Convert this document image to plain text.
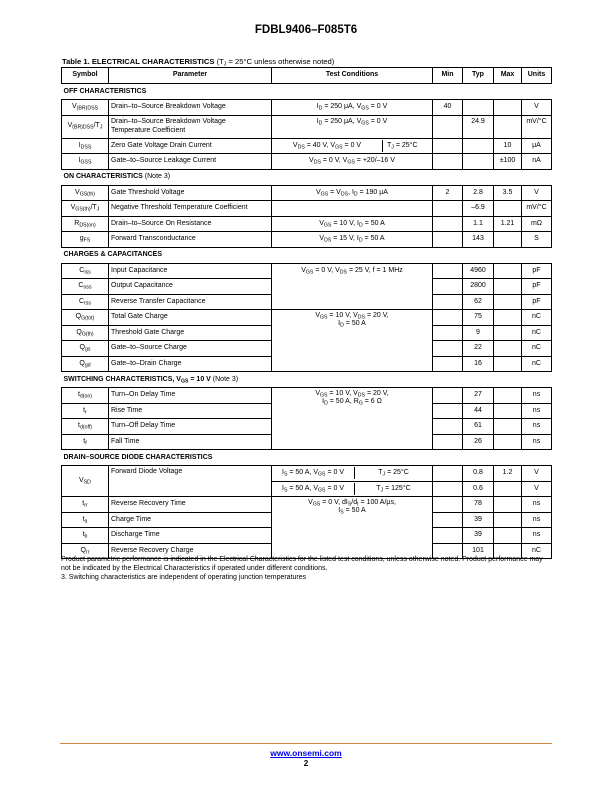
FDBL9406–F085T6
Table 1. ELECTRICAL CHARACTERISTICS ($T_J = 25^\circ C$ unless otherwise noted)
Symbol	Parameter	Test Conditions	Min	Typ	Max	Units
OFF CHARACTERISTICS						
$V_{(BR)DSS}$	Drain–to–Source Breakdown Voltage	$I_D = 250$ μA, $V_{GS} = 0$ V	40			V
$V_{(BR)DSS}/T_J$	Drain–to–Source Breakdown Voltage
Temperature Coefficient	$I_D = 250$ μA, $V_{GS} = 0$ V		24.9		mV/°C
$I_{DSS}$	Zero Gate Voltage Drain Current	$V_{DS} = 40$ V, $V_{GS} = 0$ V $T_J = 25^\circ C$			10	μA
$I_{GSS}$	Gate–to–Source Leakage Current	$V_{DS} = 0$ V, $V_{GS} = +20/-16$ V			±100	nA
ON CHARACTERISTICS (Note 3)						
$V_{GS(th)}$	Gate Threshold Voltage	$V_{GS} = V_{DS}$, $I_D = 190$ μA	2	2.8	3.5	V
$V_{GS(th)}/T_J$	Negative Threshold Temperature Coefficient			–6.9		mV/°C
$R_{DS(on)}$	Drain–to–Source On Resistance	$V_{GS} = 10$ V, $I_D = 50$ A		1.1	1.21	mΩ
$g_{FS}$	Forward Transconductance	$V_{DS} = 15$ V, $I_D = 50$ A		143		S
CHARGES & CAPACITANCES						
$C_{iss}$	Input Capacitance	$V_{GS} = 0$ V, $V_{DS} = 25$ V, f = 1 MHz		4960		pF
$C_{oss}$	Output Capacitance			2800		pF
$C_{rss}$	Reverse Transfer Capacitance			62		pF
$Q_{G(tot)}$	Total Gate Charge	$V_{GS} = 10$ V, $V_{DS} = 20$ V,
$I_D = 50$ A		75		nC
$Q_{G(th)}$	Threshold Gate Charge			9		nC
$Q_{gs}$	Gate–to–Source Charge			22		nC
$Q_{gd}$	Gate–to–Drain Charge			16		nC
SWITCHING CHARACTERISTICS, $V_{GS} = 10$ V (Note 3)						
$t_{d(on)}$	Turn–On Delay Time	$V_{GS} = 10$ V, $V_{DS} = 20$ V,
$I_D = 50$ A, $R_G = 6$ Ω		27		ns
$t_r$	Rise Time			44		ns
$t_{d(off)}$	Turn–Off Delay Time			61		ns
$t_f$	Fall Time			26		ns
DRAIN–SOURCE DIODE CHARACTERISTICS						
$V_{SD}$	Forward Diode Voltage	$I_S = 50$ A, $V_{GS} = 0$ V $T_J = 25^\circ C$		0.8	1.2	V

		$I_S = 50$ A, $V_{GS} = 0$ V $T_J = 125^\circ C$		0.6		V
$t_{rr}$	Reverse Recovery Time	$V_{GS} = 0$ V, $dI_S/d_t = 100$ A/μs,
$I_S = 50$ A		78		ns
$t_a$	Charge Time			39		ns
$t_b$	Discharge Time			39		ns
$Q_{rr}$	Reverse Recovery Charge			101		nC

Product parametric performance is indicated in the Electrical Characteristics for the listed test conditions, unless otherwise noted. Product performance may not be indicated by the Electrical Characteristics if operated under different conditions.

3. Switching characteristics are independent of operating junction temperatures

www.onsemi.com
2
